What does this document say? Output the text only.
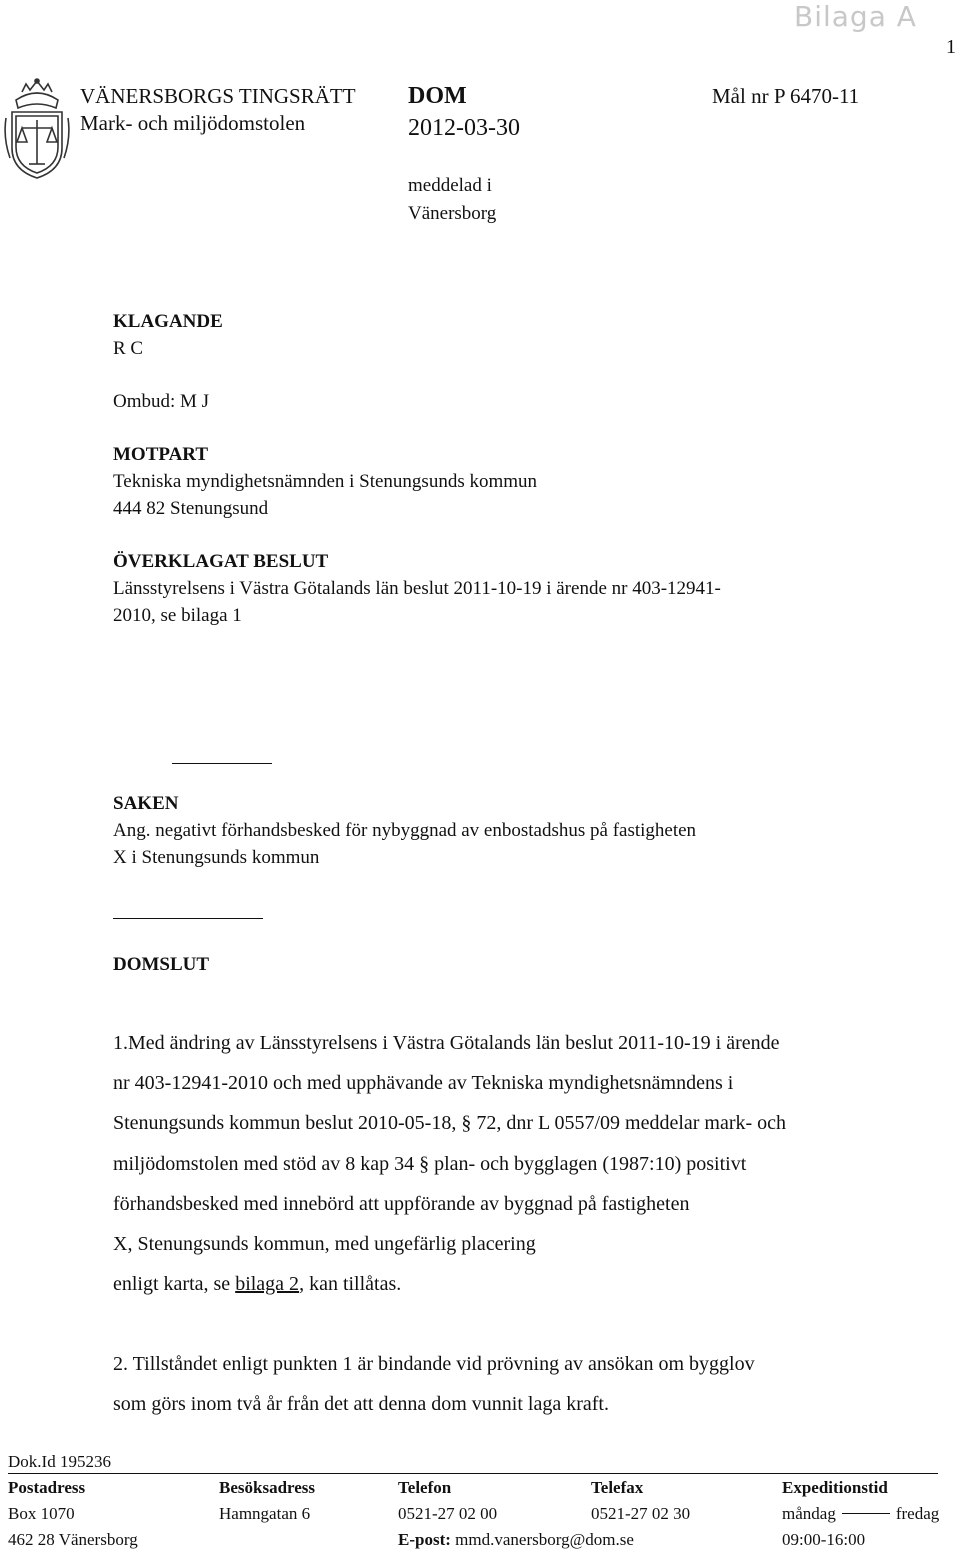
Bilaga A
1
VÄNERSBORGS TINGSRÄTT
Mark- och miljödomstolen
DOM
2012-03-30
Mål nr P 6470-11
meddelad i
Vänersborg
KLAGANDE
R C
Ombud: M J
MOTPART
Tekniska myndighetsnämnden i Stenungsunds kommun
444 82 Stenungsund
ÖVERKLAGAT BESLUT
Länsstyrelsens i Västra Götalands län beslut 2011-10-19 i ärende nr 403-12941-
2010, se bilaga 1
SAKEN
Ang. negativt förhandsbesked för nybyggnad av enbostadshus på fastigheten
X i Stenungsunds kommun
DOMSLUT
1.Med ändring av Länsstyrelsens i Västra Götalands län beslut 2011-10-19 i ärende
nr 403-12941-2010 och med upphävande av Tekniska myndighetsnämndens i
Stenungsunds kommun beslut 2010-05-18, § 72, dnr L 0557/09 meddelar mark- och
miljödomstolen med stöd av 8 kap 34 § plan- och bygglagen (1987:10) positivt
förhandsbesked med innebörd att uppförande av byggnad på fastigheten
X, Stenungsunds kommun, med ungefärlig placering
enligt karta, se bilaga 2, kan tillåtas.
2. Tillståndet enligt punkten 1 är bindande vid prövning av ansökan om bygglov
som görs inom två år från det att denna dom vunnit laga kraft.
Dok.Id 195236
Postadress
Box 1070
462 28 Vänersborg
Besöksadress
Hamngatan 6
Telefon
0521-27 02 00
E-post: mmd.vanersborg@dom.se
Telefax
0521-27 02 30
Expeditionstid
måndag	fredag
09:00-16:00
